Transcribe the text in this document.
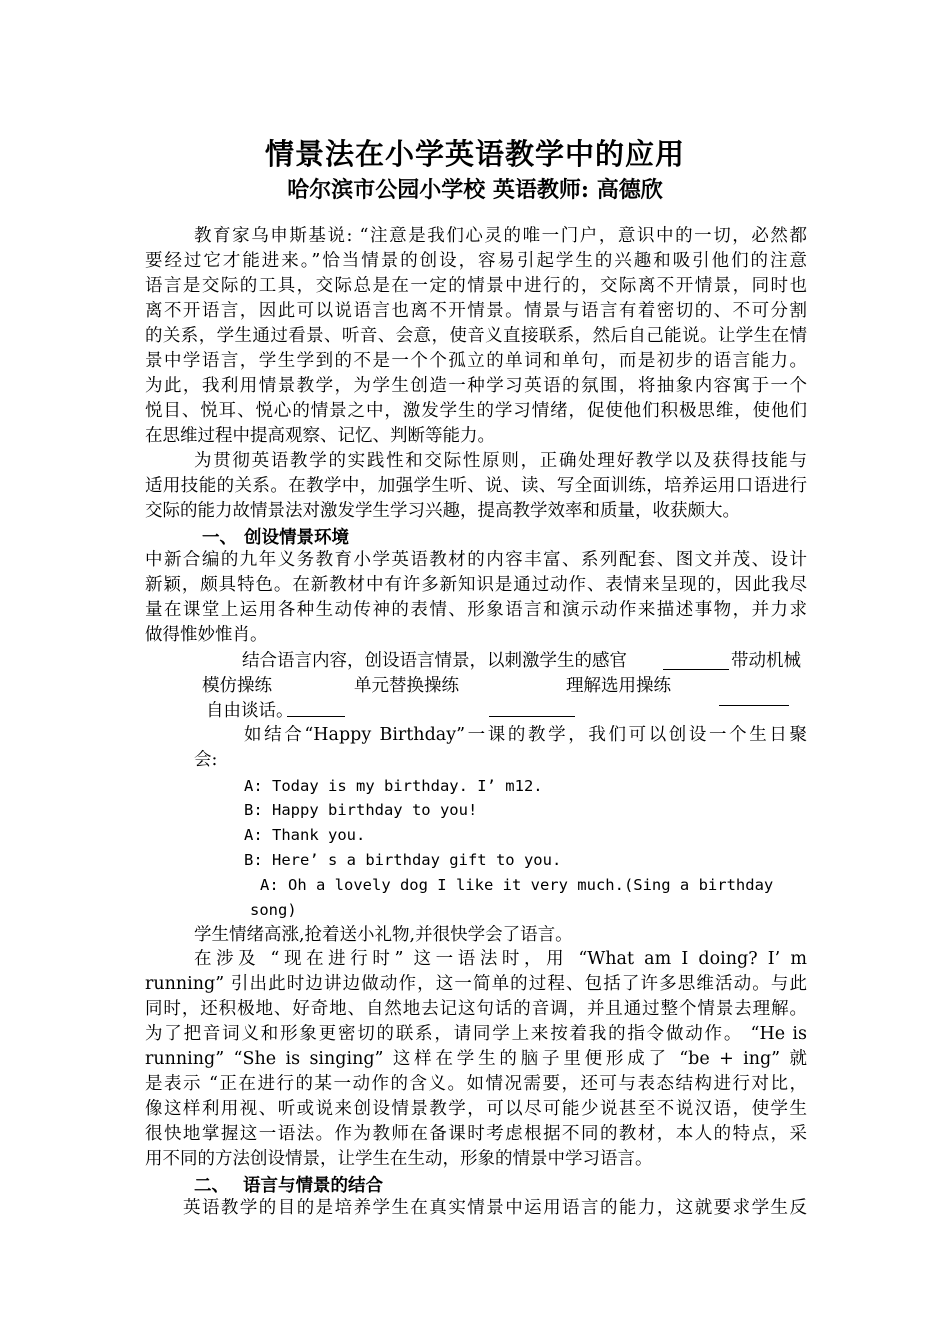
情景法在小学英语教学中的应用
哈尔滨市公园小学校 英语教师: 高德欣
教育家乌申斯基说: “注意是我们心灵的唯一门户，意识中的一切，必然都
要经过它才能进来。”恰当情景的创设，容易引起学生的兴趣和吸引他们的注意
语言是交际的工具，交际总是在一定的情景中进行的，交际离不开情景，同时也
离不开语言，因此可以说语言也离不开情景。情景与语言有着密切的、不可分割
的关系，学生通过看景、听音、会意，使音义直接联系，然后自己能说。让学生在情
景中学语言，学生学到的不是一个个孤立的单词和单句，而是初步的语言能力。
为此，我利用情景教学，为学生创造一种学习英语的氛围，将抽象内容寓于一个
悦目、悦耳、悦心的情景之中，激发学生的学习情绪，促使他们积极思维，使他们
在思维过程中提高观察、记忆、判断等能力。
为贯彻英语教学的实践性和交际性原则，正确处理好教学以及获得技能与
适用技能的关系。在教学中，加强学生听、说、读、写全面训练，培养运用口语进行
交际的能力故情景法对激发学生学习兴趣，提高教学效率和质量，收获颇大。
一、 创设情景环境
中新合编的九年义务教育小学英语教材的内容丰富、系列配套、图文并茂、设计
新颖，颇具特色。在新教材中有许多新知识是通过动作、表情来呈现的，因此我尽
量在课堂上运用各种生动传神的表情、形象语言和演示动作来描述事物，并力求
做得惟妙惟肖。
结合语言内容，创设语言情景，以刺激学生的感官	带动机械
模仿操练	单元替换操练	理解选用操练
自由谈话。
如结合“Happy Birthday”一课的教学，我们可以创设一个生日聚
会:
A: Today is my birthday. I’ m12.
B: Happy birthday to you!
A: Thank you.
B: Here’ s a birthday gift to you.
A: Oh a lovely dog I like it very much.(Sing a birthday
song)
学生情绪高涨,抢着送小礼物,并很快学会了语言。
在涉及 “现在进行时” 这一语法时，用 “What am I doing? I’ m
running” 引出此时边讲边做动作，这一简单的过程、包括了许多思维活动。与此
同时，还积极地、好奇地、自然地去记这句话的音调，并且通过整个情景去理解。
为了把音词义和形象更密切的联系，请同学上来按着我的指令做动作。 “He is
running” “She is singing” 这样在学生的脑子里便形成了 “be + ing” 就
是表示 “正在进行的某一动作的含义。如情况需要，还可与表态结构进行对比，
像这样利用视、听或说来创设情景教学，可以尽可能少说甚至不说汉语，使学生
很快地掌握这一语法。作为教师在备课时考虑根据不同的教材，本人的特点，采
用不同的方法创设情景，让学生在生动，形象的情景中学习语言。
二、 语言与情景的结合
英语教学的目的是培养学生在真实情景中运用语言的能力，这就要求学生反
